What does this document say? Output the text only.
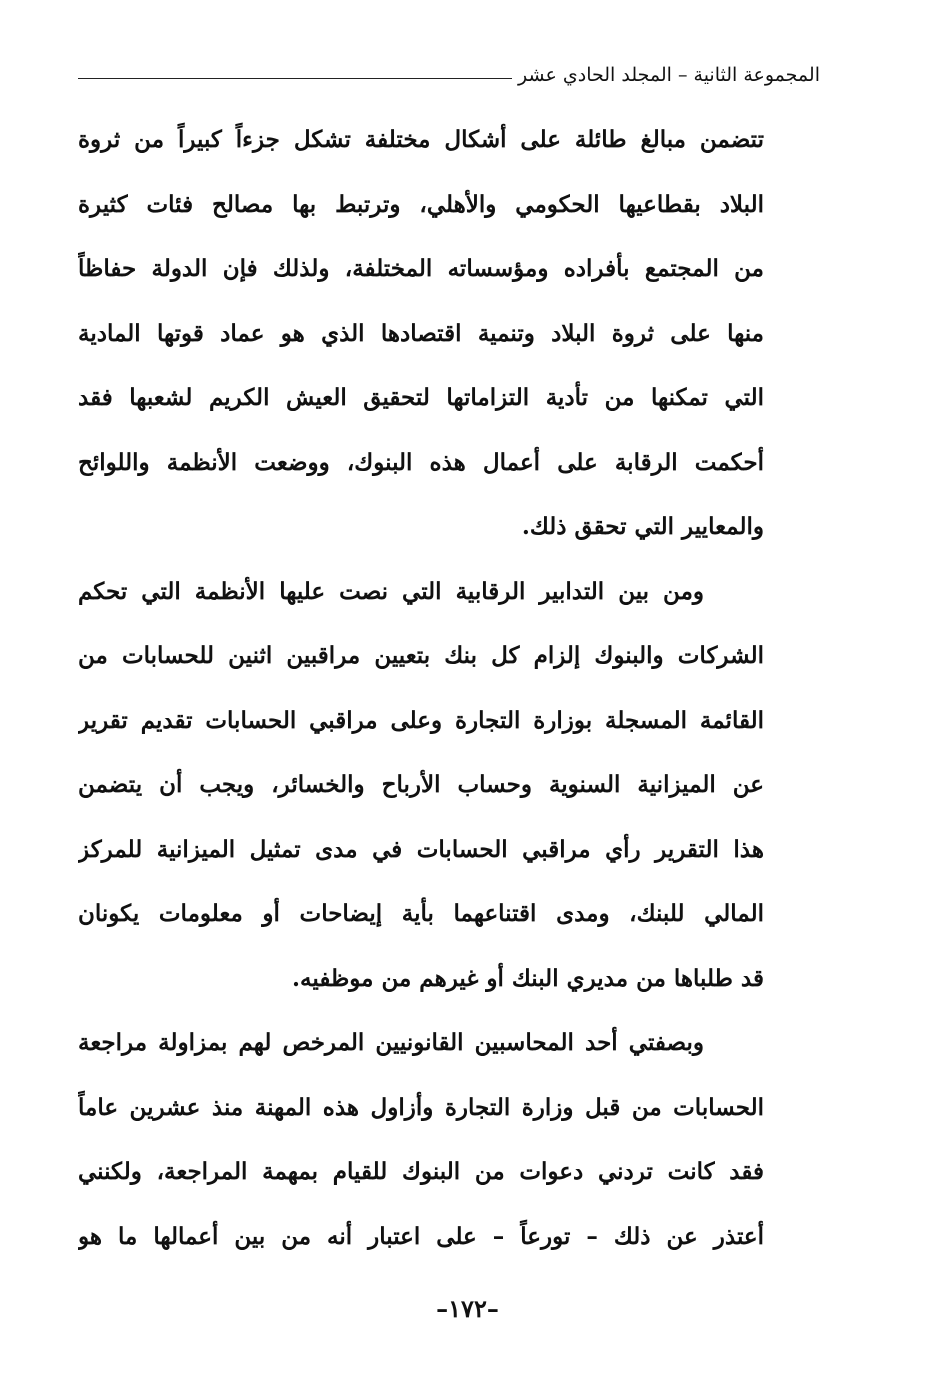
المجموعة الثانية – المجلد الحادي عشر

تتضمن مبالغ طائلة على أشكال مختلفة تشكل جزءاً كبيراً من ثروة
البلاد بقطاعيها الحكومي والأهلي، وترتبط بها مصالح فئات كثيرة
من المجتمع بأفراده ومؤسساته المختلفة، ولذلك فإن الدولة حفاظاً
منها على ثروة البلاد وتنمية اقتصادها الذي هو عماد قوتها المادية
التي تمكنها من تأدية التزاماتها لتحقيق العيش الكريم لشعبها فقد
أحكمت الرقابة على أعمال هذه البنوك، ووضعت الأنظمة واللوائح
والمعايير التي تحقق ذلك.

ومن بين التدابير الرقابية التي نصت عليها الأنظمة التي تحكم
الشركات والبنوك إلزام كل بنك بتعيين مراقبين اثنين للحسابات من
القائمة المسجلة بوزارة التجارة وعلى مراقبي الحسابات تقديم تقرير
عن الميزانية السنوية وحساب الأرباح والخسائر، ويجب أن يتضمن
هذا التقرير رأي مراقبي الحسابات في مدى تمثيل الميزانية للمركز
المالي للبنك، ومدى اقتناعهما بأية إيضاحات أو معلومات يكونان
قد طلباها من مديري البنك أو غيرهم من موظفيه.

وبصفتي أحد المحاسبين القانونيين المرخص لهم بمزاولة مراجعة
الحسابات من قبل وزارة التجارة وأزاول هذه المهنة منذ عشرين عاماً
فقد كانت تردني دعوات من البنوك للقيام بمهمة المراجعة، ولكنني
أعتذر عن ذلك – تورعاً – على اعتبار أنه من بين أعمالها ما هو

–١٧٢–
